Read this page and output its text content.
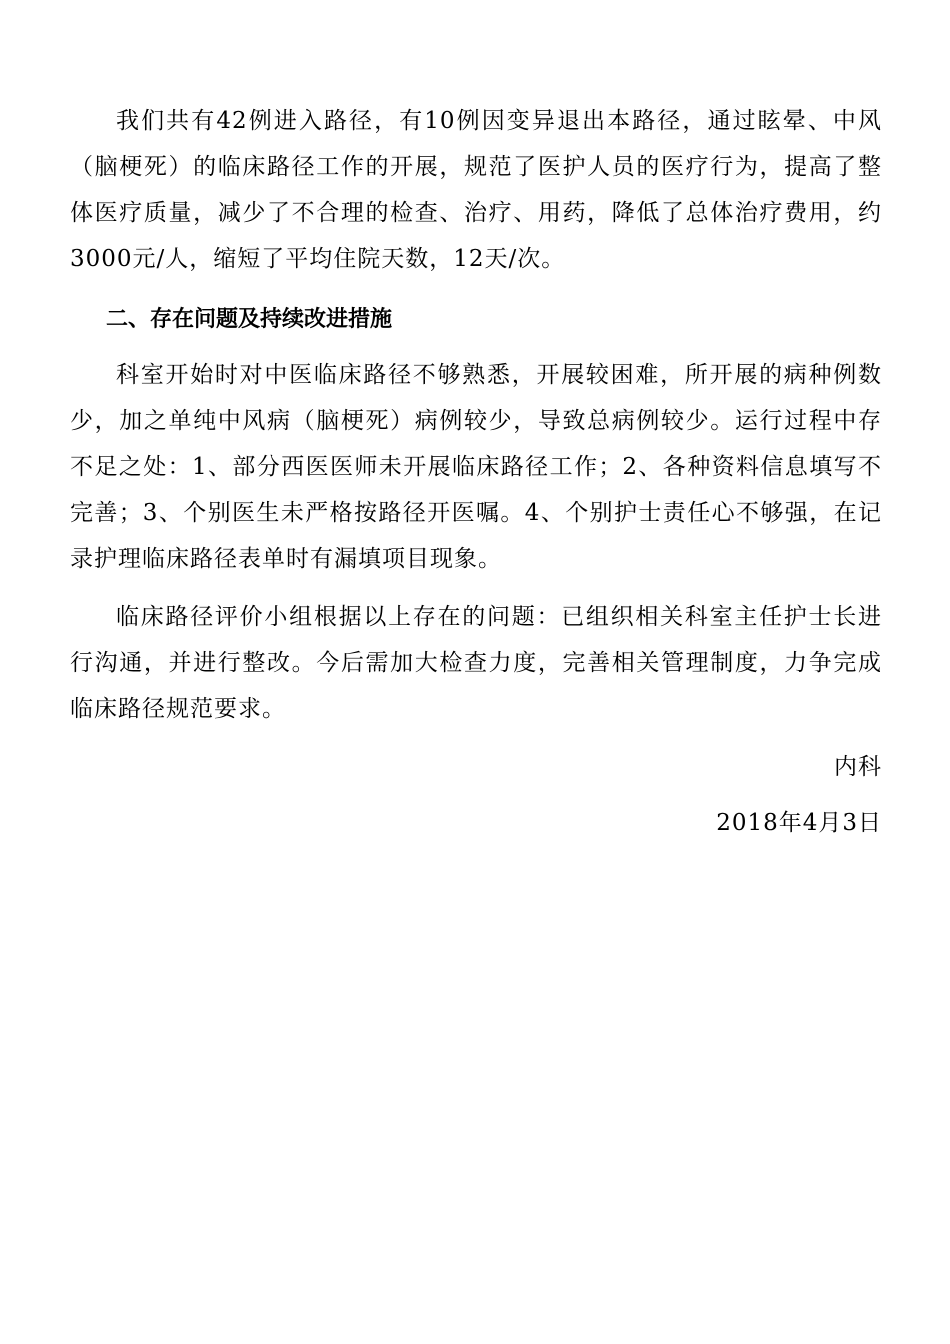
我们共有42例进入路径，有10例因变异退出本路径，通过眩晕、中风（脑梗死）的临床路径工作的开展，规范了医护人员的医疗行为，提高了整体医疗质量，减少了不合理的检查、治疗、用药，降低了总体治疗费用，约3000元/人，缩短了平均住院天数，12天/次。

二、存在问题及持续改进措施

科室开始时对中医临床路径不够熟悉，开展较困难，所开展的病种例数少，加之单纯中风病（脑梗死）病例较少，导致总病例较少。运行过程中存不足之处：1、部分西医医师未开展临床路径工作；2、各种资料信息填写不完善；3、个别医生未严格按路径开医嘱。4、个别护士责任心不够强，在记录护理临床路径表单时有漏填项目现象。

临床路径评价小组根据以上存在的问题：已组织相关科室主任护士长进行沟通，并进行整改。今后需加大检查力度，完善相关管理制度，力争完成临床路径规范要求。

内科
2018年4月3日
